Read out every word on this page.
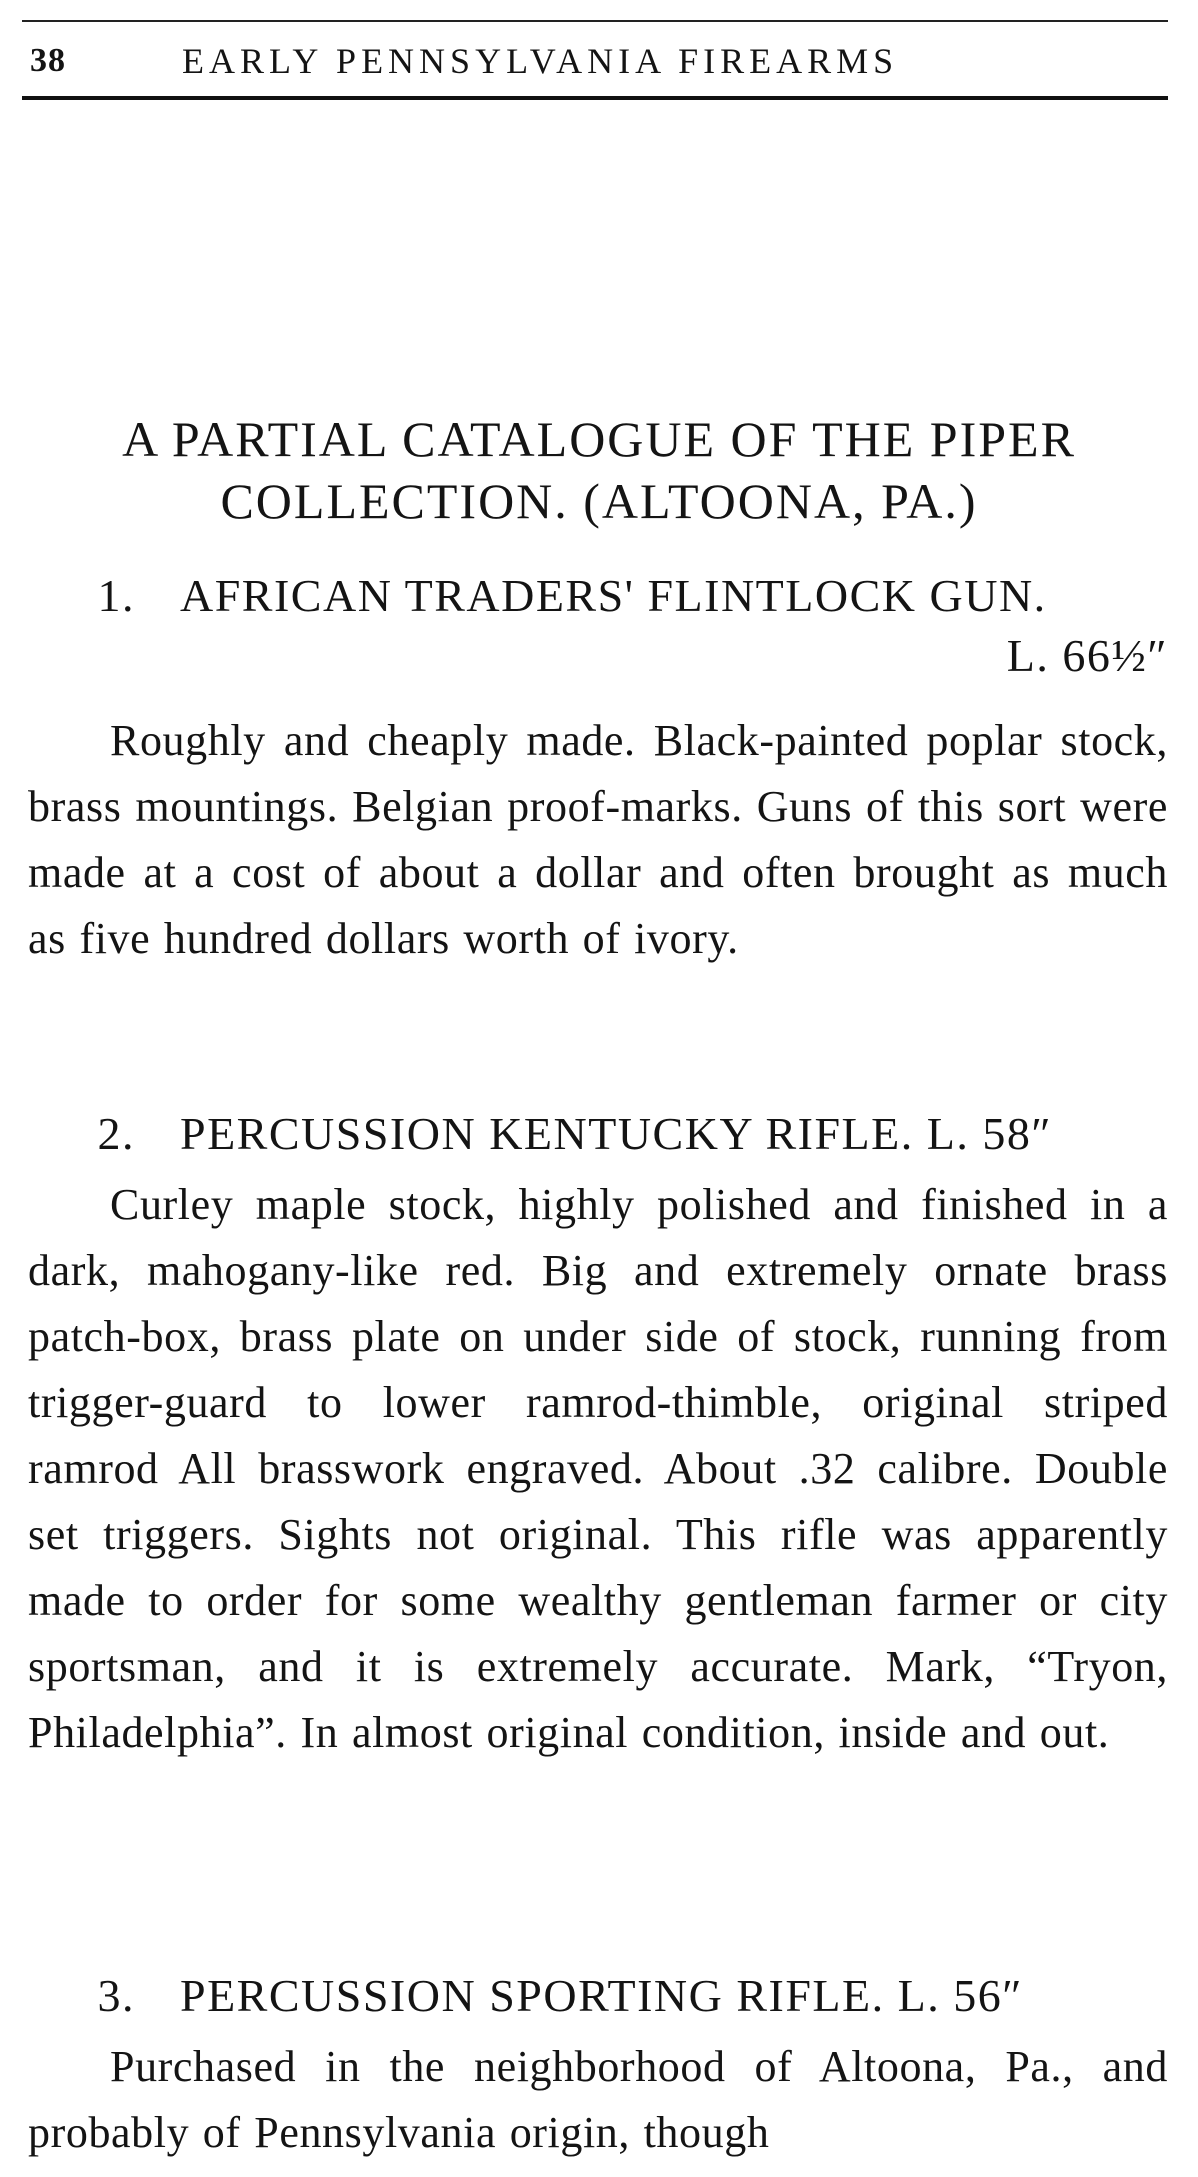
38	EARLY PENNSYLVANIA FIREARMS
A PARTIAL CATALOGUE OF THE PIPER
COLLECTION. (ALTOONA, PA.)
1. AFRICAN TRADERS' FLINTLOCK GUN.
L. 66½″

Roughly and cheaply made. Black-painted poplar stock, brass mountings. Belgian proof-marks. Guns of this sort were made at a cost of about a dollar and often brought as much as five hundred dollars worth of ivory.

2. PERCUSSION KENTUCKY RIFLE. L. 58″

Curley maple stock, highly polished and finished in a dark, mahogany-like red. Big and extremely ornate brass patch-box, brass plate on under side of stock, running from trigger-guard to lower ramrod-thimble, original striped ramrod All brasswork engraved. About .32 calibre. Double set triggers. Sights not original. This rifle was apparently made to order for some wealthy gentleman farmer or city sportsman, and it is extremely accurate. Mark, “Tryon, Philadelphia”. In almost original condition, inside and out.

3. PERCUSSION SPORTING RIFLE. L. 56″

Purchased in the neighborhood of Altoona, Pa., and probably of Pennsylvania origin, though
